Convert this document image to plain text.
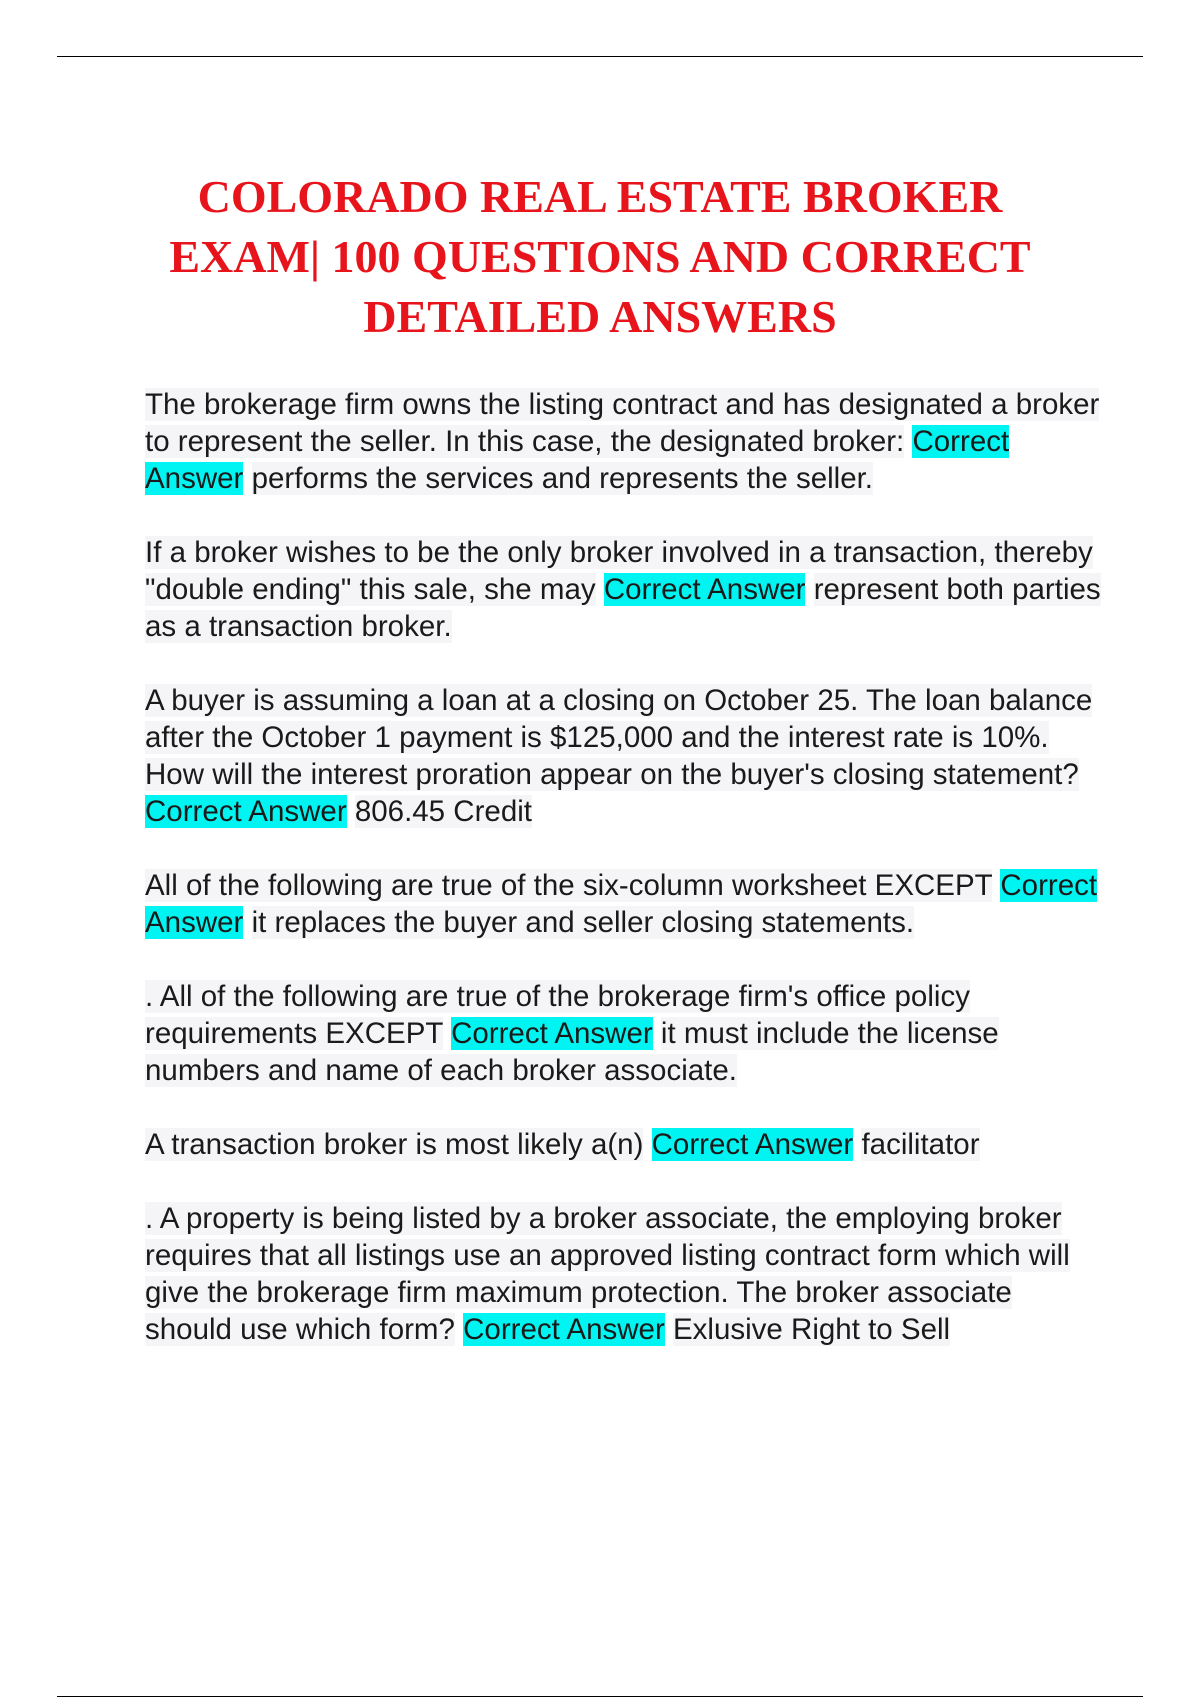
COLORADO REAL ESTATE BROKER EXAM| 100 QUESTIONS AND CORRECT DETAILED ANSWERS

The brokerage firm owns the listing contract and has designated a broker to represent the seller. In this case, the designated broker: Correct Answer performs the services and represents the seller.

If a broker wishes to be the only broker involved in a transaction, thereby "double ending" this sale, she may Correct Answer represent both parties as a transaction broker.

A buyer is assuming a loan at a closing on October 25. The loan balance after the October 1 payment is $125,000 and the interest rate is 10%. How will the interest proration appear on the buyer's closing statement? Correct Answer 806.45 Credit

All of the following are true of the six-column worksheet EXCEPT Correct Answer it replaces the buyer and seller closing statements.

. All of the following are true of the brokerage firm's office policy requirements EXCEPT Correct Answer it must include the license numbers and name of each broker associate.

A transaction broker is most likely a(n) Correct Answer facilitator

. A property is being listed by a broker associate, the employing broker requires that all listings use an approved listing contract form which will give the brokerage firm maximum protection. The broker associate should use which form? Correct Answer Exlusive Right to Sell
